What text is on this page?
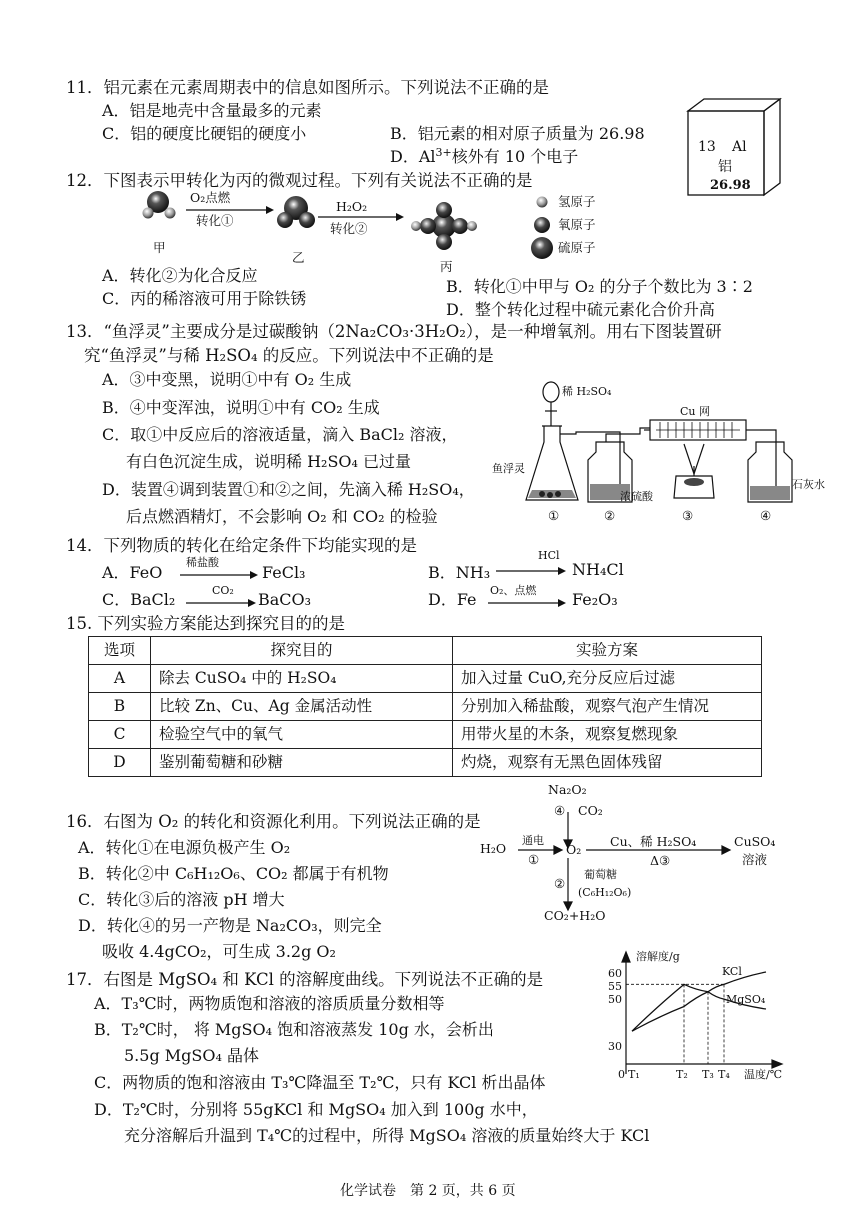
11．铝元素在元素周期表中的信息如图所示。下列说法不正确的是
A．铝是地壳中含量最多的元素
C．铝的硬度比硬铝的硬度小	B．铝元素的相对原子质量为 26.98
D．$Al^{3+}$核外有 10 个电子	13 Al
铝
26.98
12．下图表示甲转化为丙的微观过程。下列有关说法不正确的是
O₂点燃
转化①
H₂O₂
转化②
甲
乙
丙
氢原子
氧原子
硫原子
A．转化②为化合反应
C．丙的稀溶液可用于除铁锈
B．转化①中甲与 O₂ 的分子个数比为 3∶2
D．整个转化过程中硫元素化合价升高
13．“鱼浮灵”主要成分是过碳酸钠（2Na₂CO₃·3H₂O₂），是一种增氧剂。用右下图装置研
究“鱼浮灵”与稀 H₂SO₄ 的反应。下列说法中不正确的是
A．③中变黑，说明①中有 O₂ 生成
B．④中变浑浊，说明①中有 CO₂ 生成
C．取①中反应后的溶液适量，滴入 BaCl₂ 溶液，
有白色沉淀生成，说明稀 H₂SO₄ 已过量
D．装置④调到装置①和②之间，先滴入稀 H₂SO₄，
后点燃酒精灯，不会影响 O₂ 和 CO₂ 的检验
稀 H₂SO₄
Cu 网
鱼浮灵
浓硫酸
石灰水
①	②	③	④
14．下列物质的转化在给定条件下均能实现的是
A．FeO
稀盐酸
FeCl₃	B．NH₃
HCl
NH₄Cl
C．BaCl₂	CO₂ BaCO₃	D．Fe O₂、点燃 Fe₂O₃
15. 下列实验方案能达到探究目的的是
选项	探究目的	实验方案
A	除去 CuSO₄ 中的 H₂SO₄	加入过量 CuO,充分反应后过滤
B	比较 Zn、Cu、Ag 金属活动性	分别加入稀盐酸，观察气泡产生情况
C	检验空气中的氧气	用带火星的木条，观察复燃现象
D	鉴别葡萄糖和砂糖	灼烧，观察有无黑色固体残留
16．右图为 O₂ 的转化和资源化利用。下列说法正确的是
A．转化①在电源负极产生 O₂
B．转化②中 C₆H₁₂O₆、CO₂ 都属于有机物
C．转化③后的溶液 pH 增大
D．转化④的另一产物是 Na₂CO₃，则完全
吸收 4.4gCO₂，可生成 3.2g O₂
Na₂O₂
④ CO₂
H₂O
通电
①
O₂
Cu、稀 H₂SO₄
Δ③
CuSO₄
溶液
②
葡萄糖
(C₆H₁₂O₆)
CO₂+H₂O
17．右图是 MgSO₄ 和 KCl 的溶解度曲线。下列说法不正确的是
A．T₃℃时，两物质饱和溶液的溶质质量分数相等
B．T₂℃时， 将 MgSO₄ 饱和溶液蒸发 10g 水，会析出
5.5g MgSO₄ 晶体
C．两物质的饱和溶液由 T₃℃降温至 T₂℃，只有 KCl 析出晶体
D．T₂℃时，分别将 55gKCl 和 MgSO₄ 加入到 100g 水中，
充分溶解后升温到 T₄℃的过程中，所得 MgSO₄ 溶液的质量始终大于 KCl
溶解度/g
60
55
50
30
0 T₁	T₂ T₃ T₄ 温度/℃
KCl
MgSO₄
化学试卷　第 2 页，共 6 页
